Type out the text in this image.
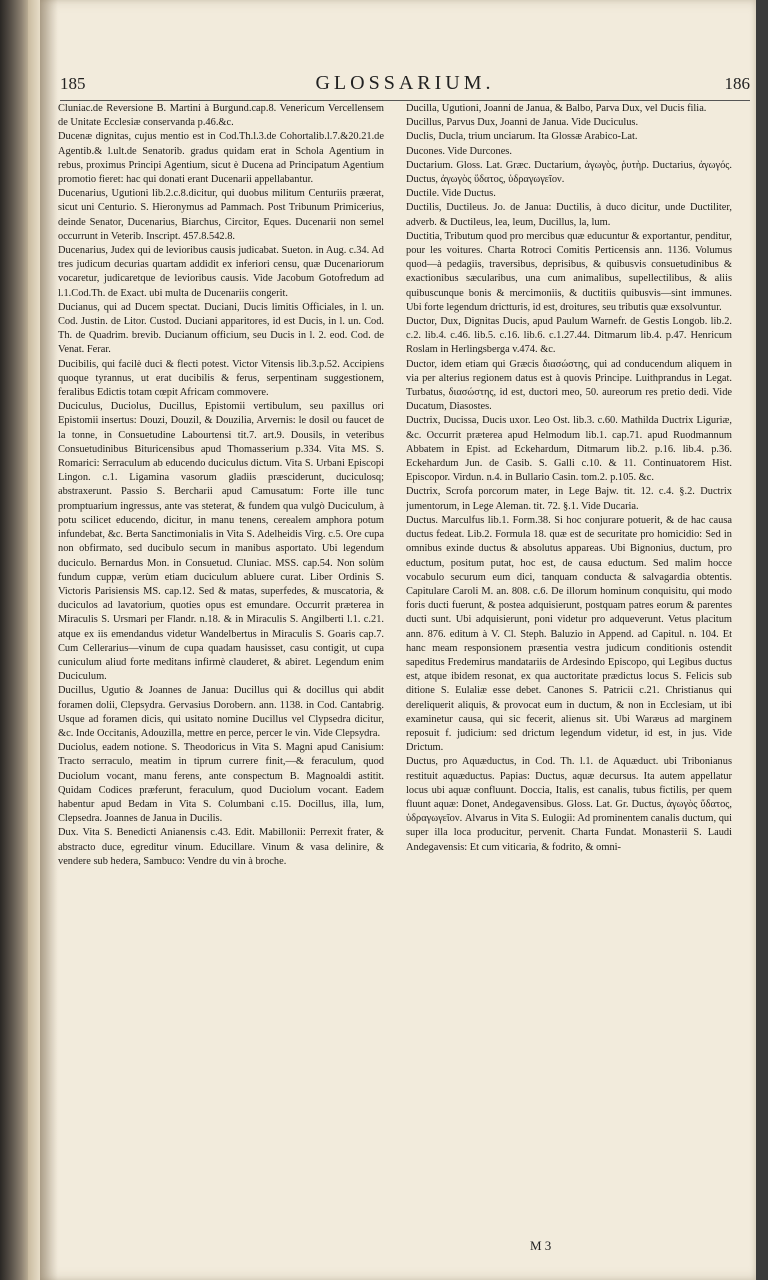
185	GLOSSARIUM.	186

Cluniac.de Reversione B. Martini à Burgund.cap.8. Venericum Vercellensem de Unitate Ecclesiæ conservanda p.46.&c.

Ducenæ dignitas, cujus mentio est in Cod.Th.l.3.de Cohortalib.l.7.&20.21.de Agentib.& l.ult.de Senatorib. gradus quidam erat in Schola Agentium in rebus, proximus Principi Agentium, sicut è Ducena ad Principatum Agentium promotio fieret: hac qui donati erant Ducenarii appellabantur.

Ducenarius, Ugutioni lib.2.c.8.dicitur, qui duobus militum Centuriis præerat, sicut uni Centurio. S. Hieronymus ad Pammach. Post Tribunum Primicerius, deinde Senator, Ducenarius, Biarchus, Circitor, Eques. Ducenarii non semel occurrunt in Veterib. Inscript. 457.8.542.8.

Ducenarius, Judex qui de levioribus causis judicabat. Sueton. in Aug. c.34. Ad tres judicum decurias quartam addidit ex inferiori censu, quæ Ducenariorum vocaretur, judicaretque de levioribus causis. Vide Jacobum Gotofredum ad l.1.Cod.Th. de Exact. ubi multa de Ducenariis congerit.

Ducianus, qui ad Ducem spectat. Duciani, Ducis limitis Officiales, in l. un. Cod. Justin. de Litor. Custod. Duciani apparitores, id est Ducis, in l. un. Cod. Th. de Quadrim. brevib. Ducianum officium, seu Ducis in l. 2. eod. Cod. de Venat. Ferar.

Ducibilis, qui facilè duci & flecti potest. Victor Vitensis lib.3.p.52. Accipiens quoque tyrannus, ut erat ducibilis & ferus, serpentinam suggestionem, feralibus Edictis totam cœpit Africam commovere.

Duciculus, Duciolus, Ducillus, Epistomii vertibulum, seu paxillus ori Epistomii insertus: Douzi, Douzil, & Douzilia, Arvernis: le dosil ou faucet de la tonne, in Consuetudine Labourtensi tit.7. art.9. Dousils, in veteribus Consuetudinibus Bituricensibus apud Thomasserium p.334. Vita MS. S. Romarici: Serraculum ab educendo duciculus dictum. Vita S. Urbani Episcopi Lingon. c.1. Ligamina vasorum gladiis præsciderunt, duciculosq; abstraxerunt. Passio S. Bercharii apud Camusatum: Forte ille tunc promptuarium ingressus, ante vas steterat, & fundem qua vulgò Duciculum, à potu scilicet educendo, dicitur, in manu tenens, cerealem amphora potum infundebat, &c. Berta Sanctimonialis in Vita S. Adelheidis Virg. c.5. Ore cupa non obfirmato, sed ducibulo secum in manibus asportato. Ubi legendum duciculo. Bernardus Mon. in Consuetud. Cluniac. MSS. cap.54. Non solùm fundum cuppæ, verùm etiam duciculum abluere curat. Liber Ordinis S. Victoris Parisiensis MS. cap.12. Sed & matas, superfedes, & muscatoria, & duciculos ad lavatorium, quoties opus est emundare. Occurrit præterea in Miraculis S. Ursmari per Flandr. n.18. & in Miraculis S. Angilberti l.1. c.21. atque ex iis emendandus videtur Wandelbertus in Miraculis S. Goaris cap.7. Cum Cellerarius—vinum de cupa quadam hausisset, casu contigit, ut cupa cuniculum aliud forte meditans infirmè clauderet, & abiret. Legendum enim Duciculum.

Ducillus, Ugutio & Joannes de Janua: Ducillus qui & docillus qui abdit foramen dolii, Clepsydra. Gervasius Dorobern. ann. 1138. in Cod. Cantabrig. Usque ad foramen dicis, qui usitato nomine Ducillus vel Clypsedra dicitur, &c. Inde Occitanis, Adouzilla, mettre en perce, percer le vin. Vide Clepsydra.

Duciolus, eadem notione. S. Theodoricus in Vita S. Magni apud Canisium: Tracto serraculo, meatim in tiprum currere finit,—& feraculum, quod Duciolum vocant, manu ferens, ante conspectum B. Magnoaldi astitit. Quidam Codices præferunt, feraculum, quod Duciolum vocant. Eadem habentur apud Bedam in Vita S. Columbani c.15. Docillus, illa, lum, Clepsedra. Joannes de Janua in Ducilis.

Dux. Vita S. Benedicti Anianensis c.43. Edit. Mabillonii: Perrexit frater, & abstracto duce, egreditur vinum. Educillare. Vinum & vasa delinire, & vendere sub hedera, Sambuco: Vendre du vin à broche.

Ducilla, Ugutioni, Joanni de Janua, & Balbo, Parva Dux, vel Ducis filia.

Ducillus, Parvus Dux, Joanni de Janua. Vide Duciculus.

Duclis, Ducla, trium unciarum. Ita Glossæ Arabico-Lat.

Ducones. Vide Durcones.

Ductarium. Gloss. Lat. Græc. Ductarium, ἀγωγὸς, ῥυτὴρ. Ductarius, ἀγωγός. Ductus, ἀγωγὸς ὕδατος, ὑδραγωγεῖον.

Ductile. Vide Ductus.

Ductilis, Ductileus. Jo. de Janua: Ductilis, à duco dicitur, unde Ductiliter, adverb. & Ductileus, lea, leum, Ducillus, la, lum.

Ductitia, Tributum quod pro mercibus quæ educuntur & exportantur, penditur, pour les voitures. Charta Rotroci Comitis Perticensis ann. 1136. Volumus quod—à pedagiis, traversibus, deprisibus, & quibusvis consuetudinibus & exactionibus sæcularibus, una cum animalibus, supellectilibus, & aliis quibuscunque bonis & mercimoniis, & ductitiis quibusvis—sint immunes. Ubi forte legendum drictturis, id est, droitures, seu tributis quæ exsolvuntur.

Ductor, Dux, Dignitas Ducis, apud Paulum Warnefr. de Gestis Longob. lib.2. c.2. lib.4. c.46. lib.5. c.16. lib.6. c.1.27.44. Ditmarum lib.4. p.47. Henricum Roslam in Herlingsberga v.474. &c.

Ductor, idem etiam qui Græcis διασώστης, qui ad conducendum aliquem in via per alterius regionem datus est à quovis Principe. Luithprandus in Legat. Turbatus, διασώστης, id est, ductori meo, 50. aureorum res pretio dedi. Vide Ducatum, Diasostes.

Ductrix, Ducissa, Ducis uxor. Leo Ost. lib.3. c.60. Mathilda Ductrix Liguriæ, &c. Occurrit præterea apud Helmodum lib.1. cap.71. apud Ruodmannum Abbatem in Epist. ad Eckehardum, Ditmarum lib.2. p.16. lib.4. p.36. Eckehardum Jun. de Casib. S. Galli c.10. & 11. Continuatorem Hist. Episcopor. Virdun. n.4. in Bullario Casin. tom.2. p.105. &c.

Ductrix, Scrofa porcorum mater, in Lege Bajw. tit. 12. c.4. §.2. Ductrix jumentorum, in Lege Aleman. tit. 72. §.1. Vide Ducaria.

Ductus. Marculfus lib.1. Form.38. Si hoc conjurare potuerit, & de hac causa ductus fedeat. Lib.2. Formula 18. quæ est de securitate pro homicidio: Sed in omnibus exinde ductus & absolutus appareas. Ubi Bignonius, ductum, pro eductum, positum putat, hoc est, de causa eductum. Sed malim hocce vocabulo securum eum dici, tanquam conducta & salvagardia obtentis. Capitulare Caroli M. an. 808. c.6. De illorum hominum conquisitu, qui modo foris ducti fuerunt, & postea adquisierunt, postquam patres eorum & parentes ducti sunt. Ubi adquisierunt, poni videtur pro adqueverunt. Vetus placitum ann. 876. editum à V. Cl. Steph. Baluzio in Append. ad Capitul. n. 104. Et hanc meam responsionem præsentia vestra judicum conditionis ostendit sapeditus Fredemirus mandatariis de Ardesindo Episcopo, qui Legibus ductus est, atque ibidem resonat, ex qua auctoritate prædictus locus S. Felicis sub ditione S. Eulaliæ esse debet. Canones S. Patricii c.21. Christianus qui dereliquerit aliquis, & provocat eum in ductum, & non in Ecclesiam, ut ibi examinetur causa, qui sic fecerit, alienus sit. Ubi Waræus ad marginem reposuit f. judicium: sed drictum legendum videtur, id est, in jus. Vide Drictum.

Ductus, pro Aquæductus, in Cod. Th. l.1. de Aquæduct. ubi Tribonianus restituit aquæductus. Papias: Ductus, aquæ decursus. Ita autem appellatur locus ubi aquæ confluunt. Doccia, Italis, est canalis, tubus fictilis, per quem fluunt aquæ: Donet, Andegavensibus. Gloss. Lat. Gr. Ductus, ἀγωγὸς ὕδατος, ὑδραγωγεῖον. Alvarus in Vita S. Eulogii: Ad prominentem canalis ductum, qui super illa loca producitur, pervenit. Charta Fundat. Monasterii S. Laudi Andegavensis: Et cum viticaria, & fodrito, & omni-

M 3
